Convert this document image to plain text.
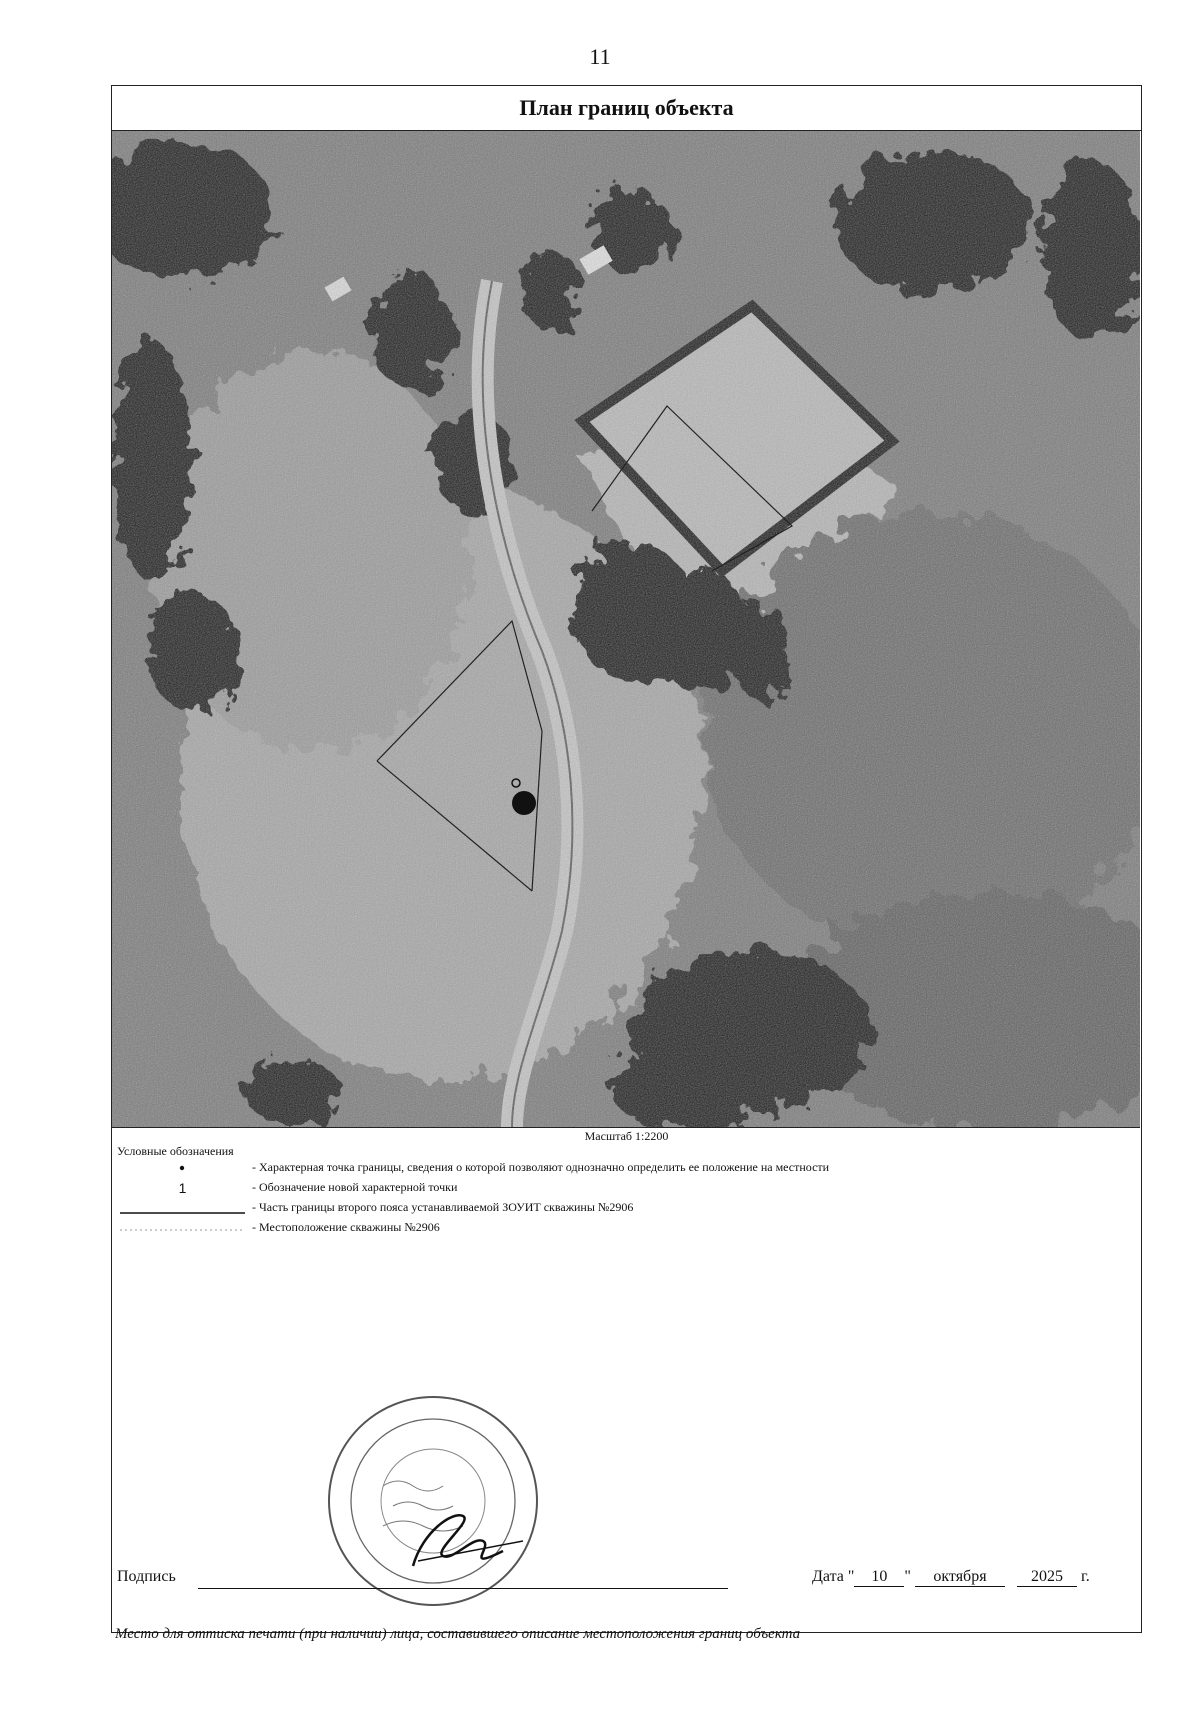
11
План границ объекта
Масштаб 1:2200
Условные обозначения
- Характерная точка границы, сведения о которой позволяют однозначно определить ее положение на местности
1	- Обозначение новой характерной точки
- Часть границы второго пояса устанавливаемой ЗОУИТ скважины №2906
- Местоположение скважины №2906
Подпись	Дата " 10 " октября	2025 г.
Место для оттиска печати (при наличии) лица, составившего описание местоположения границ объекта
